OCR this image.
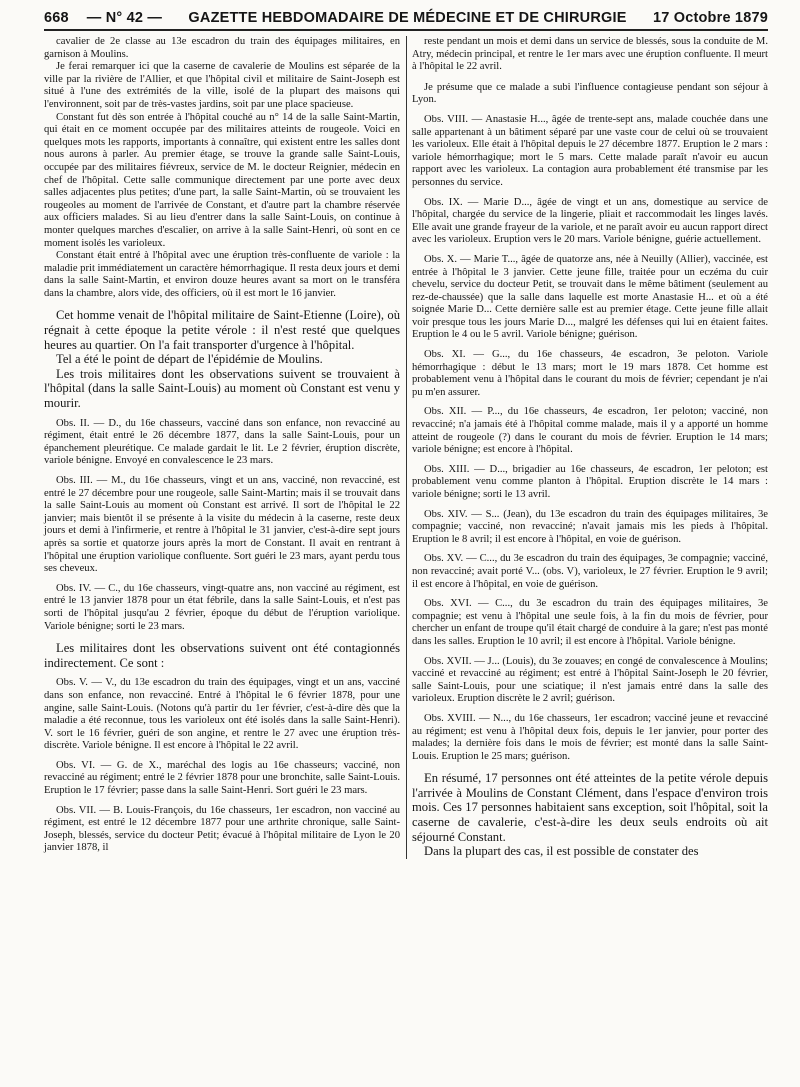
668 — N° 42 —	GAZETTE HEBDOMADAIRE DE MÉDECINE ET DE CHIRURGIE	17 Octobre 1879

cavalier de 2e classe au 13e escadron du train des équipages militaires, en garnison à Moulins.

Je ferai remarquer ici que la caserne de cavalerie de Moulins est séparée de la ville par la rivière de l'Allier, et que l'hôpital civil et militaire de Saint-Joseph est situé à l'une des extrémités de la ville, isolé de la plupart des maisons qui l'environnent, soit par de très-vastes jardins, soit par une place spacieuse.

Constant fut dès son entrée à l'hôpital couché au n° 14 de la salle Saint-Martin, qui était en ce moment occupée par des militaires atteints de rougeole. Voici en quelques mots les rapports, importants à connaître, qui existent entre les salles dont nous aurons à parler. Au premier étage, se trouve la grande salle Saint-Louis, occupée par des militaires fiévreux, service de M. le docteur Reignier, médecin en chef de l'hôpital. Cette salle communique directement par une porte avec deux salles adjacentes plus petites; d'une part, la salle Saint-Martin, où se trouvaient les rougeoles au moment de l'arrivée de Constant, et d'autre part la chambre réservée aux officiers malades. Si au lieu d'entrer dans la salle Saint-Louis, on continue à monter quelques marches d'escalier, on arrive à la salle Saint-Henri, où sont en ce moment isolés les varioleux.

Constant était entré à l'hôpital avec une éruption très-confluente de variole : la maladie prit immédiatement un caractère hémorrhagique. Il resta deux jours et demi dans la salle Saint-Martin, et environ douze heures avant sa mort on le transféra dans la chambre, alors vide, des officiers, où il est mort le 16 janvier.

Cet homme venait de l'hôpital militaire de Saint-Etienne (Loire), où régnait à cette époque la petite vérole : il n'est resté que quelques heures au quartier. On l'a fait transporter d'urgence à l'hôpital.

Tel a été le point de départ de l'épidémie de Moulins.

Les trois militaires dont les observations suivent se trouvaient à l'hôpital (dans la salle Saint-Louis) au moment où Constant est venu y mourir.

Obs. II. — D., du 16e chasseurs, vacciné dans son enfance, non revacciné au régiment, était entré le 26 décembre 1877, dans la salle Saint-Louis, pour un épanchement pleurétique. Ce malade gardait le lit. Le 2 février, éruption discrète, variole bénigne. Envoyé en convalescence le 23 mars.

Obs. III. — M., du 16e chasseurs, vingt et un ans, vacciné, non revacciné, est entré le 27 décembre pour une rougeole, salle Saint-Martin; mais il se trouvait dans la salle Saint-Louis au moment où Constant est arrivé. Il sort de l'hôpital le 22 janvier; mais bientôt il se présente à la visite du médecin à la caserne, reste deux jours et demi à l'infirmerie, et rentre à l'hôpital le 31 janvier, c'est-à-dire sept jours après sa sortie et quatorze jours après la mort de Constant. Il avait en rentrant à l'hôpital une éruption variolique confluente. Sort guéri le 23 mars, ayant perdu tous ses cheveux.

Obs. IV. — C., du 16e chasseurs, vingt-quatre ans, non vacciné au régiment, est entré le 13 janvier 1878 pour un état fébrile, dans la salle Saint-Louis, et n'est pas sorti de l'hôpital jusqu'au 2 février, époque du début de l'éruption variolique. Variole bénigne; sorti le 23 mars.

Les militaires dont les observations suivent ont été contagionnés indirectement. Ce sont :

Obs. V. — V., du 13e escadron du train des équipages, vingt et un ans, vacciné dans son enfance, non revacciné. Entré à l'hôpital le 6 février 1878, pour une angine, salle Saint-Louis. (Notons qu'à partir du 1er février, c'est-à-dire dès que la maladie a été reconnue, tous les varioleux ont été isolés dans la salle Saint-Henri). V. sort le 16 février, guéri de son angine, et rentre le 27 avec une éruption très-discrète. Variole bénigne. Il est encore à l'hôpital le 22 avril.

Obs. VI. — G. de X., maréchal des logis au 16e chasseurs; vacciné, non revacciné au régiment; entré le 2 février 1878 pour une bronchite, salle Saint-Louis. Eruption le 17 février; passe dans la salle Saint-Henri. Sort guéri le 23 mars.

Obs. VII. — B. Louis-François, du 16e chasseurs, 1er escadron, non vacciné au régiment, est entré le 12 décembre 1877 pour une arthrite chronique, salle Saint-Joseph, blessés, service du docteur Petit; évacué à l'hôpital militaire de Lyon le 20 janvier 1878, il

reste pendant un mois et demi dans un service de blessés, sous la conduite de M. Atry, médecin principal, et rentre le 1er mars avec une éruption confluente. Il meurt à l'hôpital le 22 avril.

Je présume que ce malade a subi l'influence contagieuse pendant son séjour à Lyon.

Obs. VIII. — Anastasie H..., âgée de trente-sept ans, malade couchée dans une salle appartenant à un bâtiment séparé par une vaste cour de celui où se trouvaient les varioleux. Elle était à l'hôpital depuis le 27 décembre 1877. Eruption le 2 mars : variole hémorrhagique; mort le 5 mars. Cette malade paraît n'avoir eu aucun rapport avec les varioleux. La contagion aura probablement été transmise par les personnes du service.

Obs. IX. — Marie D..., âgée de vingt et un ans, domestique au service de l'hôpital, chargée du service de la lingerie, pliait et raccommodait les linges lavés. Elle avait une grande frayeur de la variole, et ne paraît avoir eu aucun rapport direct avec les varioleux. Eruption vers le 20 mars. Variole bénigne, guérie actuellement.

Obs. X. — Marie T..., âgée de quatorze ans, née à Neuilly (Allier), vaccinée, est entrée à l'hôpital le 3 janvier. Cette jeune fille, traitée pour un eczéma du cuir chevelu, service du docteur Petit, se trouvait dans le même bâtiment (seulement au rez-de-chaussée) que la salle dans laquelle est morte Anastasie H... et où a été soignée Marie D... Cette dernière salle est au premier étage. Cette jeune fille allait voir presque tous les jours Marie D..., malgré les défenses qui lui en étaient faites. Eruption le 4 ou le 5 avril. Variole bénigne; guérison.

Obs. XI. — G..., du 16e chasseurs, 4e escadron, 3e peloton. Variole hémorrhagique : début le 13 mars; mort le 19 mars 1878. Cet homme est probablement venu à l'hôpital dans le courant du mois de février; cependant je n'ai pu m'en assurer.

Obs. XII. — P..., du 16e chasseurs, 4e escadron, 1er peloton; vacciné, non revacciné; n'a jamais été à l'hôpital comme malade, mais il y a apporté un homme atteint de rougeole (?) dans le courant du mois de février. Eruption le 14 mars; variole bénigne; est encore à l'hôpital.

Obs. XIII. — D..., brigadier au 16e chasseurs, 4e escadron, 1er peloton; est probablement venu comme planton à l'hôpital. Eruption discrète le 14 mars : variole bénigne; sorti le 13 avril.

Obs. XIV. — S... (Jean), du 13e escadron du train des équipages militaires, 3e compagnie; vacciné, non revacciné; n'avait jamais mis les pieds à l'hôpital. Eruption le 8 avril; il est encore à l'hôpital, en voie de guérison.

Obs. XV. — C..., du 3e escadron du train des équipages, 3e compagnie; vacciné, non revacciné; avait porté V... (obs. V), varioleux, le 27 février. Eruption le 9 avril; il est encore à l'hôpital, en voie de guérison.

Obs. XVI. — C..., du 3e escadron du train des équipages militaires, 3e compagnie; est venu à l'hôpital une seule fois, à la fin du mois de février, pour chercher un enfant de troupe qu'il était chargé de conduire à la gare; n'est pas monté dans les salles. Eruption le 10 avril; il est encore à l'hôpital. Variole bénigne.

Obs. XVII. — J... (Louis), du 3e zouaves; en congé de convalescence à Moulins; vacciné et revacciné au régiment; est entré à l'hôpital Saint-Joseph le 20 février, salle Saint-Louis, pour une sciatique; il n'est jamais entré dans la salle des varioleux. Eruption discrète le 2 avril; guérison.

Obs. XVIII. — N..., du 16e chasseurs, 1er escadron; vacciné jeune et revacciné au régiment; est venu à l'hôpital deux fois, depuis le 1er janvier, pour porter des malades; la dernière fois dans le mois de février; est monté dans la salle Saint-Louis. Eruption le 25 mars; guérison.

En résumé, 17 personnes ont été atteintes de la petite vérole depuis l'arrivée à Moulins de Constant Clément, dans l'espace d'environ trois mois. Ces 17 personnes habitaient sans exception, soit l'hôpital, soit la caserne de cavalerie, c'est-à-dire les deux seuls endroits où ait séjourné Constant.

Dans la plupart des cas, il est possible de constater des
